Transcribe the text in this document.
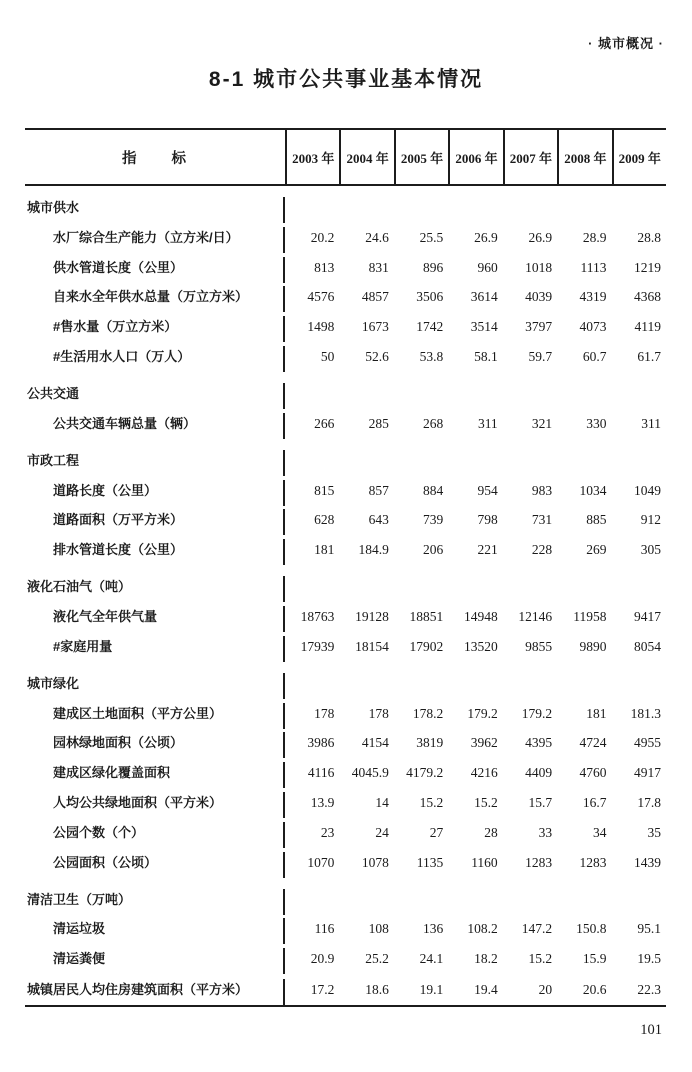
· 城市概况 ·
8-1 城市公共事业基本情况
指　　标	2003 年 2004 年 2005 年 2006 年 2007 年 2008 年 2009 年
城市供水
水厂综合生产能力（立方米/日）	20.2	24.6	25.5	26.9	26.9	28.9	28.8
供水管道长度（公里）	813	831	896	960	1018	1113	1219
自来水全年供水总量（万立方米）	4576	4857	3506	3614	4039	4319	4368
#售水量（万立方米）	1498	1673	1742	3514	3797	4073	4119
#生活用水人口（万人）	50	52.6	53.8	58.1	59.7	60.7	61.7
公共交通
公共交通车辆总量（辆）	266	285	268	311	321	330	311
市政工程
道路长度（公里）	815	857	884	954	983	1034	1049
道路面积（万平方米）	628	643	739	798	731	885	912
排水管道长度（公里）	181	184.9	206	221	228	269	305
液化石油气（吨）
液化气全年供气量	18763	19128	18851	14948	12146	11958	9417
#家庭用量	17939	18154	17902	13520	9855	9890	8054
城市绿化
建成区土地面积（平方公里）	178	178	178.2	179.2	179.2	181	181.3
园林绿地面积（公顷）	3986	4154	3819	3962	4395	4724	4955
建成区绿化覆盖面积	4116	4045.9	4179.2	4216	4409	4760	4917
人均公共绿地面积（平方米）	13.9	14	15.2	15.2	15.7	16.7	17.8
公园个数（个）	23	24	27	28	33	34	35
公园面积（公顷）	1070	1078	1135	1160	1283	1283	1439
清洁卫生（万吨）
清运垃圾	116	108	136	108.2	147.2	150.8	95.1
清运粪便	20.9	25.2	24.1	18.2	15.2	15.9	19.5
城镇居民人均住房建筑面积（平方米）	17.2	18.6	19.1	19.4	20	20.6	22.3
101
